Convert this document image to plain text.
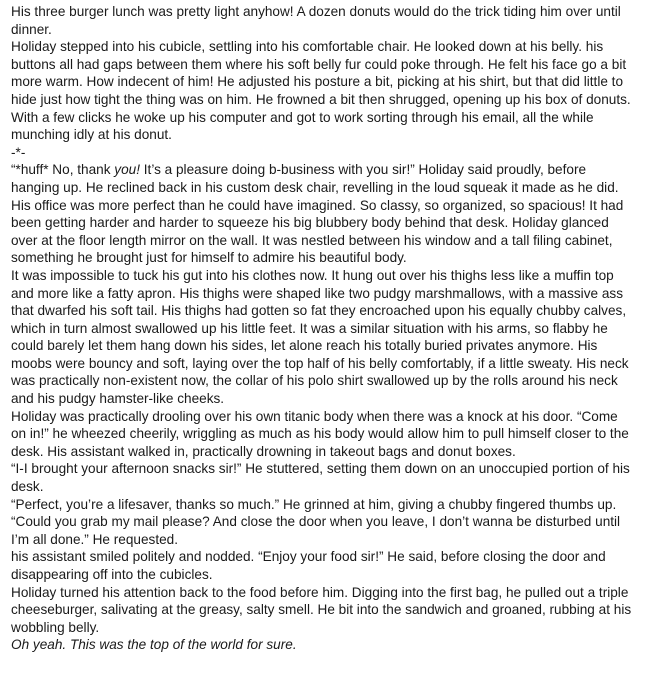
His three burger lunch was pretty light anyhow! A dozen donuts would do the trick tiding him over until dinner.

Holiday stepped into his cubicle, settling into his comfortable chair. He looked down at his belly. his buttons all had gaps between them where his soft belly fur could poke through. He felt his face go a bit more warm. How indecent of him! He adjusted his posture a bit, picking at his shirt, but that did little to hide just how tight the thing was on him. He frowned a bit then shrugged, opening up his box of donuts. With a few clicks he woke up his computer and got to work sorting through his email, all the while munching idly at his donut.

-*-

“*huff* No, thank you! It’s a pleasure doing b-business with you sir!” Holiday said proudly, before hanging up. He reclined back in his custom desk chair, revelling in the loud squeak it made as he did. His office was more perfect than he could have imagined. So classy, so organized, so spacious! It had been getting harder and harder to squeeze his big blubbery body behind that desk. Holiday glanced over at the floor length mirror on the wall. It was nestled between his window and a tall filing cabinet, something he brought just for himself to admire his beautiful body.

It was impossible to tuck his gut into his clothes now. It hung out over his thighs less like a muffin top and more like a fatty apron. His thighs were shaped like two pudgy marshmallows, with a massive ass that dwarfed his soft tail. His thighs had gotten so fat they encroached upon his equally chubby calves, which in turn almost swallowed up his little feet. It was a similar situation with his arms, so flabby he could barely let them hang down his sides, let alone reach his totally buried privates anymore. His moobs were bouncy and soft, laying over the top half of his belly comfortably, if a little sweaty. His neck was practically non-existent now, the collar of his polo shirt swallowed up by the rolls around his neck and his pudgy hamster-like cheeks.

Holiday was practically drooling over his own titanic body when there was a knock at his door. “Come on in!” he wheezed cheerily, wriggling as much as his body would allow him to pull himself closer to the desk. His assistant walked in, practically drowning in takeout bags and donut boxes.

“I-I brought your afternoon snacks sir!” He stuttered, setting them down on an unoccupied portion of his desk.

“Perfect, you’re a lifesaver, thanks so much.” He grinned at him, giving a chubby fingered thumbs up.

“Could you grab my mail please? And close the door when you leave, I don’t wanna be disturbed until I’m all done.” He requested.

his assistant smiled politely and nodded. “Enjoy your food sir!” He said, before closing the door and disappearing off into the cubicles.

Holiday turned his attention back to the food before him. Digging into the first bag, he pulled out a triple cheeseburger, salivating at the greasy, salty smell. He bit into the sandwich and groaned, rubbing at his wobbling belly.

Oh yeah. This was the top of the world for sure.
